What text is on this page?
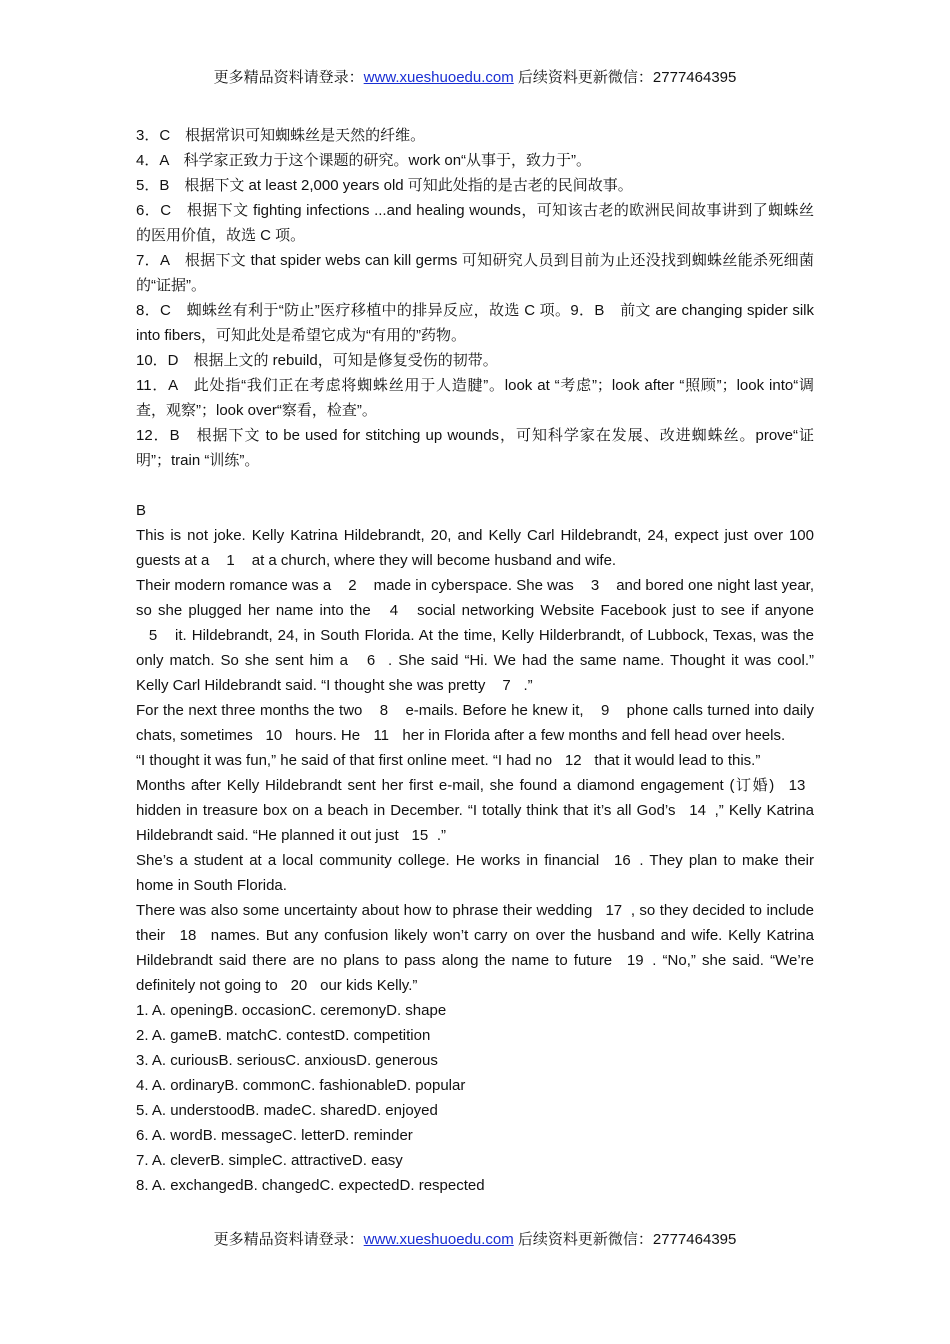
更多精品资料请登录：www.xueshuoedu.com 后续资料更新微信：2777464395

3．C　根据常识可知蜘蛛丝是天然的纤维。

4．A　科学家正致力于这个课题的研究。work on“从事于，致力于”。

5．B　根据下文 at least 2,000 years old 可知此处指的是古老的民间故事。

6．C　根据下文 fighting infections ...and healing wounds，可知该古老的欧洲民间故事讲到了蜘蛛丝的医用价值，故选 C 项。

7．A　根据下文 that spider webs can kill germs 可知研究人员到目前为止还没找到蜘蛛丝能杀死细菌的“证据”。

8．C　蜘蛛丝有利于“防止”医疗移植中的排异反应，故选 C 项。9．B　前文 are changing spider silk into fibers，可知此处是希望它成为“有用的”药物。

10．D　根据上文的 rebuild，可知是修复受伤的韧带。

11．A　此处指“我们正在考虑将蜘蛛丝用于人造腱”。look at “考虑”；look after “照顾”；look into“调查，观察”；look over“察看，检查”。

12．B　根据下文 to be used for stitching up wounds，可知科学家在发展、改进蜘蛛丝。prove“证明”；train “训练”。

B

This is not joke. Kelly Katrina Hildebrandt, 20, and Kelly Carl Hildebrandt, 24, expect just over 100 guests at a 1 at a church, where they will become husband and wife.

Their modern romance was a 2 made in cyberspace. She was 3 and bored one night last year, so she plugged her name into the 4 social networking Website Facebook just to see if anyone 5 it. Hildebrandt, 24, in South Florida. At the time, Kelly Hilderbrandt, of Lubbock, Texas, was the only match. So she sent him a 6 . She said “Hi. We had the same name. Thought it was cool.” Kelly Carl Hildebrandt said. “I thought she was pretty 7 .”

For the next three months the two 8 e-mails. Before he knew it, 9 phone calls turned into daily chats, sometimes 10 hours. He 11 her in Florida after a few months and fell head over heels.

“I thought it was fun,” he said of that first online meet. “I had no 12 that it would lead to this.”

Months after Kelly Hildebrandt sent her first e-mail, she found a diamond engagement (订婚) 13 hidden in treasure box on a beach in December. “I totally think that it’s all God’s 14 ,” Kelly Katrina Hildebrandt said. “He planned it out just 15 .”

She’s a student at a local community college. He works in financial 16 . They plan to make their home in South Florida.

There was also some uncertainty about how to phrase their wedding 17 , so they decided to include their 18 names. But any confusion likely won’t carry on over the husband and wife. Kelly Katrina Hildebrandt said there are no plans to pass along the name to future 19 . “No,” she said. “We’re definitely not going to 20 our kids Kelly.”

1. A. openingB. occasionC. ceremonyD. shape

2. A. gameB. matchC. contestD. competition

3. A. curiousB. seriousC. anxiousD. generous

4. A. ordinaryB. commonC. fashionableD. popular

5. A. understoodB. madeC. sharedD. enjoyed

6. A. wordB. messageC. letterD. reminder

7. A. cleverB. simpleC. attractiveD. easy

8. A. exchangedB. changedC. expectedD. respected

更多精品资料请登录：www.xueshuoedu.com 后续资料更新微信：2777464395
